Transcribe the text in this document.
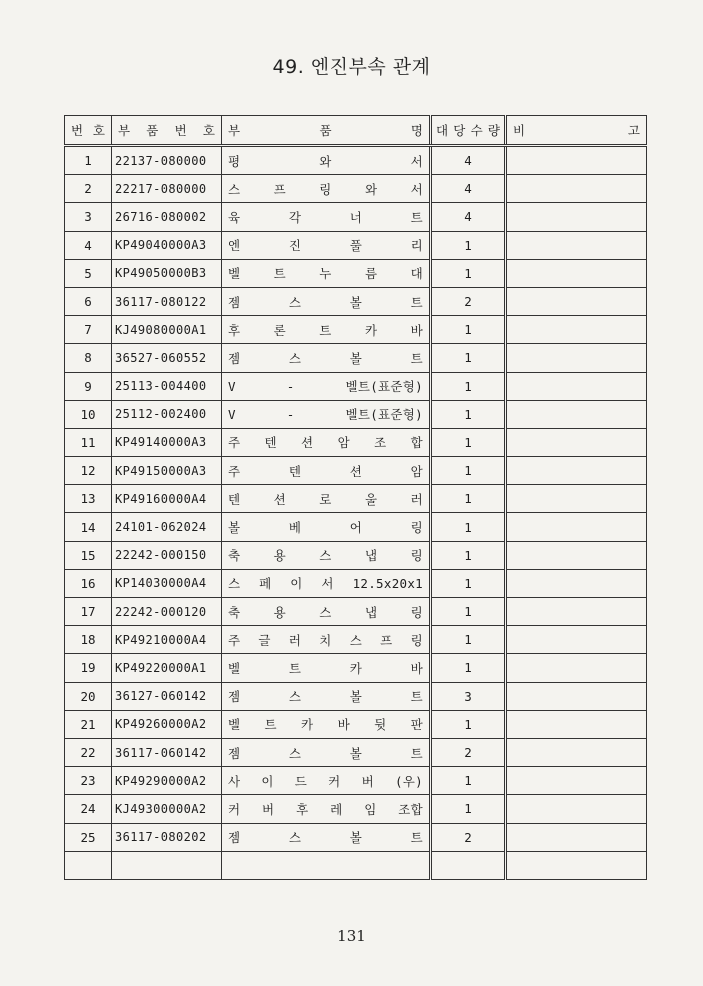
49. 엔진부속 관계
번 호	부 품 번 호	부 품 명	대 당 수 량	비 고

1	22137-080000	평 와 서	4	
2	22217-080000	스 프 링 와 서	4	
3	26716-080002	육 각 너 트	4	
4	KP49040000A3	엔 진 풀 리	1	
5	KP49050000B3	벨 트 누 름 대	1	
6	36117-080122	젬 스 볼 트	2	
7	KJ49080000A1	후 론 트 카 바	1	
8	36527-060552	젬 스 볼 트	1	
9	25113-004400	V - 벨트(표준형)	1	
10	25112-002400	V - 벨트(표준형)	1	
11	KP49140000A3	주 텐 션 암 조 합	1	
12	KP49150000A3	주 텐 션 암	1	
13	KP49160000A4	텐 션 로 울 러	1	
14	24101-062024	볼 베 어 링	1	
15	22242-000150	축 용 스 냅 링	1	
16	KP14030000A4	스 페 이 서 12.5x20x1	1	
17	22242-000120	축 용 스 냅 링	1	
18	KP49210000A4	주 글 러 치 스 프 링	1	
19	KP49220000A1	벨 트 카 바	1	
20	36127-060142	젬 스 볼 트	3	
21	KP49260000A2	벨 트 카 바 뒷 판	1	
22	36117-060142	젬 스 볼 트	2	
23	KP49290000A2	사 이 드 커 버 (우)	1	
24	KJ49300000A2	커 버 후 레 임 조합	1	
25	36117-080202	젬 스 볼 트	2	

131
